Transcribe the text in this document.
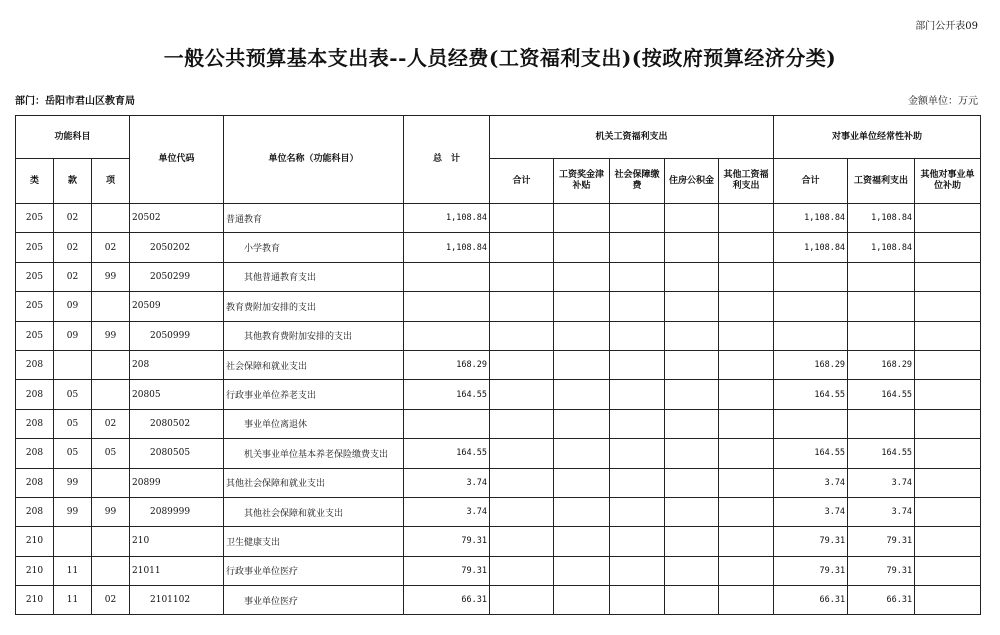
部门公开表09
一般公共预算基本支出表--人员经费(工资福利支出)(按政府预算经济分类)
部门：岳阳市君山区教育局	金额单位：万元
功能科目			单位代码	单位名称（功能科目）	总　计	机关工资福利支出					对事业单位经常性补助		
类	款	项				合计	工资奖金津补贴	社会保障缴费	住房公积金	其他工资福利支出	合计	工资福利支出	其他对事业单位补助
205	02		20502	普通教育	1,108.84						1,108.84	1,108.84	
205	02	02	2050202	小学教育	1,108.84						1,108.84	1,108.84	
205	02	99	2050299	其他普通教育支出									
205	09		20509	教育费附加安排的支出									
205	09	99	2050999	其他教育费附加安排的支出									
208			208	社会保障和就业支出	168.29						168.29	168.29	
208	05		20805	行政事业单位养老支出	164.55						164.55	164.55	
208	05	02	2080502	事业单位离退休									
208	05	05	2080505	机关事业单位基本养老保险缴费支出	164.55						164.55	164.55	
208	99		20899	其他社会保障和就业支出	3.74						3.74	3.74	
208	99	99	2089999	其他社会保障和就业支出	3.74						3.74	3.74	
210			210	卫生健康支出	79.31						79.31	79.31	
210	11		21011	行政事业单位医疗	79.31						79.31	79.31	
210	11	02	2101102	事业单位医疗	66.31						66.31	66.31	
